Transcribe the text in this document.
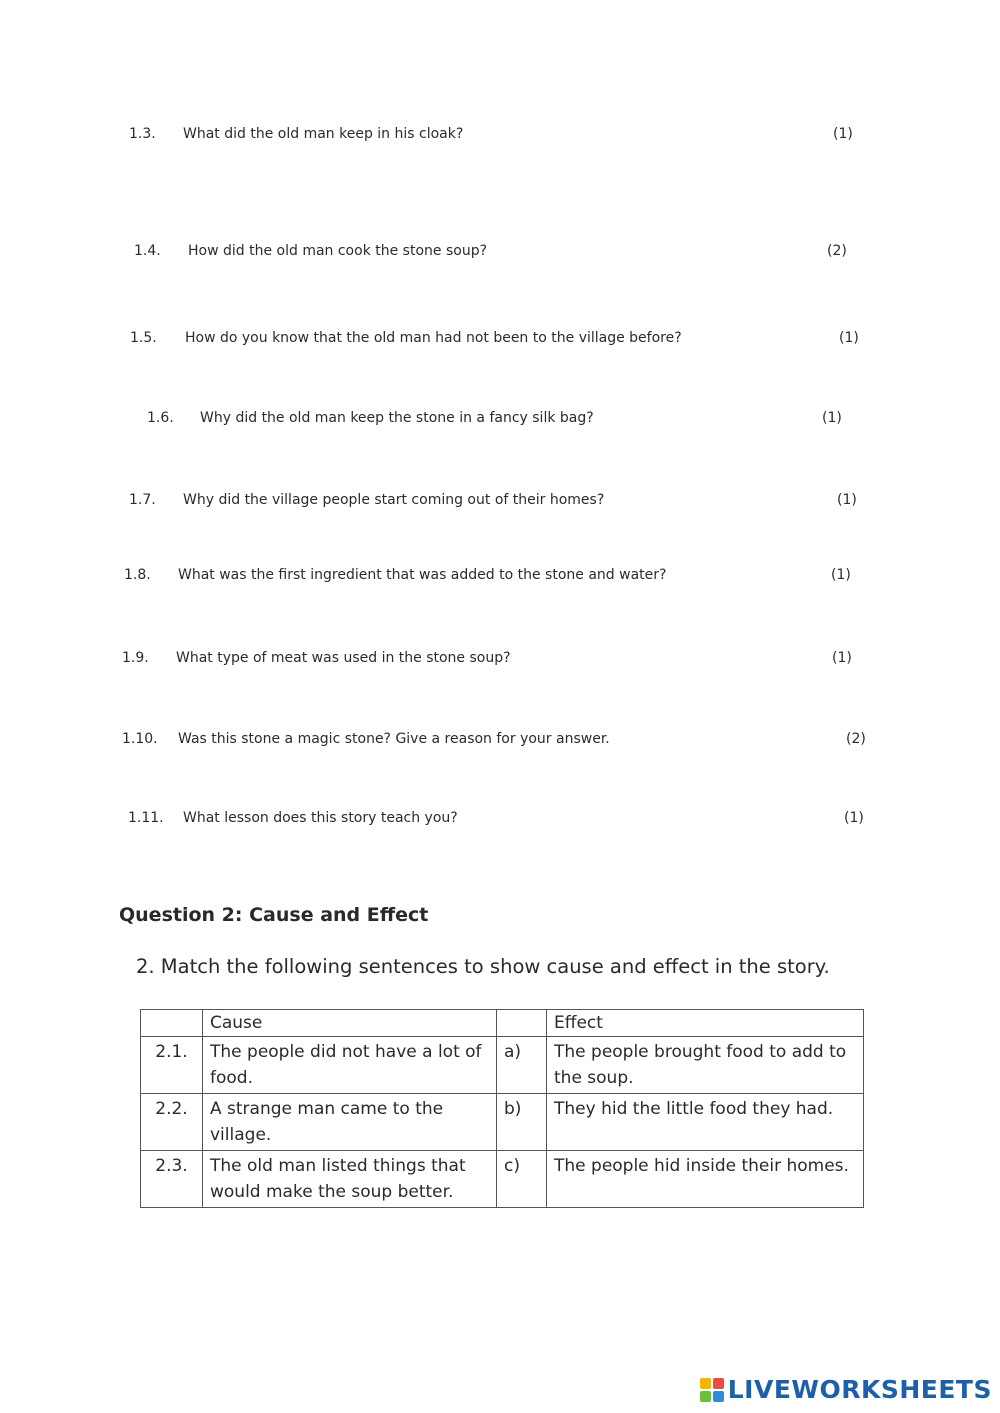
1.3. What did the old man keep in his cloak?	(1)
1.4. How did the old man cook the stone soup?	(2)
1.5. How do you know that the old man had not been to the village before?	(1)
1.6. Why did the old man keep the stone in a fancy silk bag?	(1)
1.7. Why did the village people start coming out of their homes?	(1)
1.8. What was the first ingredient that was added to the stone and water?	(1)
1.9. What type of meat was used in the stone soup?	(1)
1.10. Was this stone a magic stone? Give a reason for your answer.	(2)
1.11. What lesson does this story teach you?	(1)
Question 2: Cause and Effect
2. Match the following sentences to show cause and effect in the story.
	Cause		Effect
2.1.	The people did not have a lot of food.	a)	The people brought food to add to the soup.
2.2.	A strange man came to the village.	b)	They hid the little food they had.
2.3.	The old man listed things that would make the soup better.	c)	The people hid inside their homes.
LIVEWORKSHEETS
